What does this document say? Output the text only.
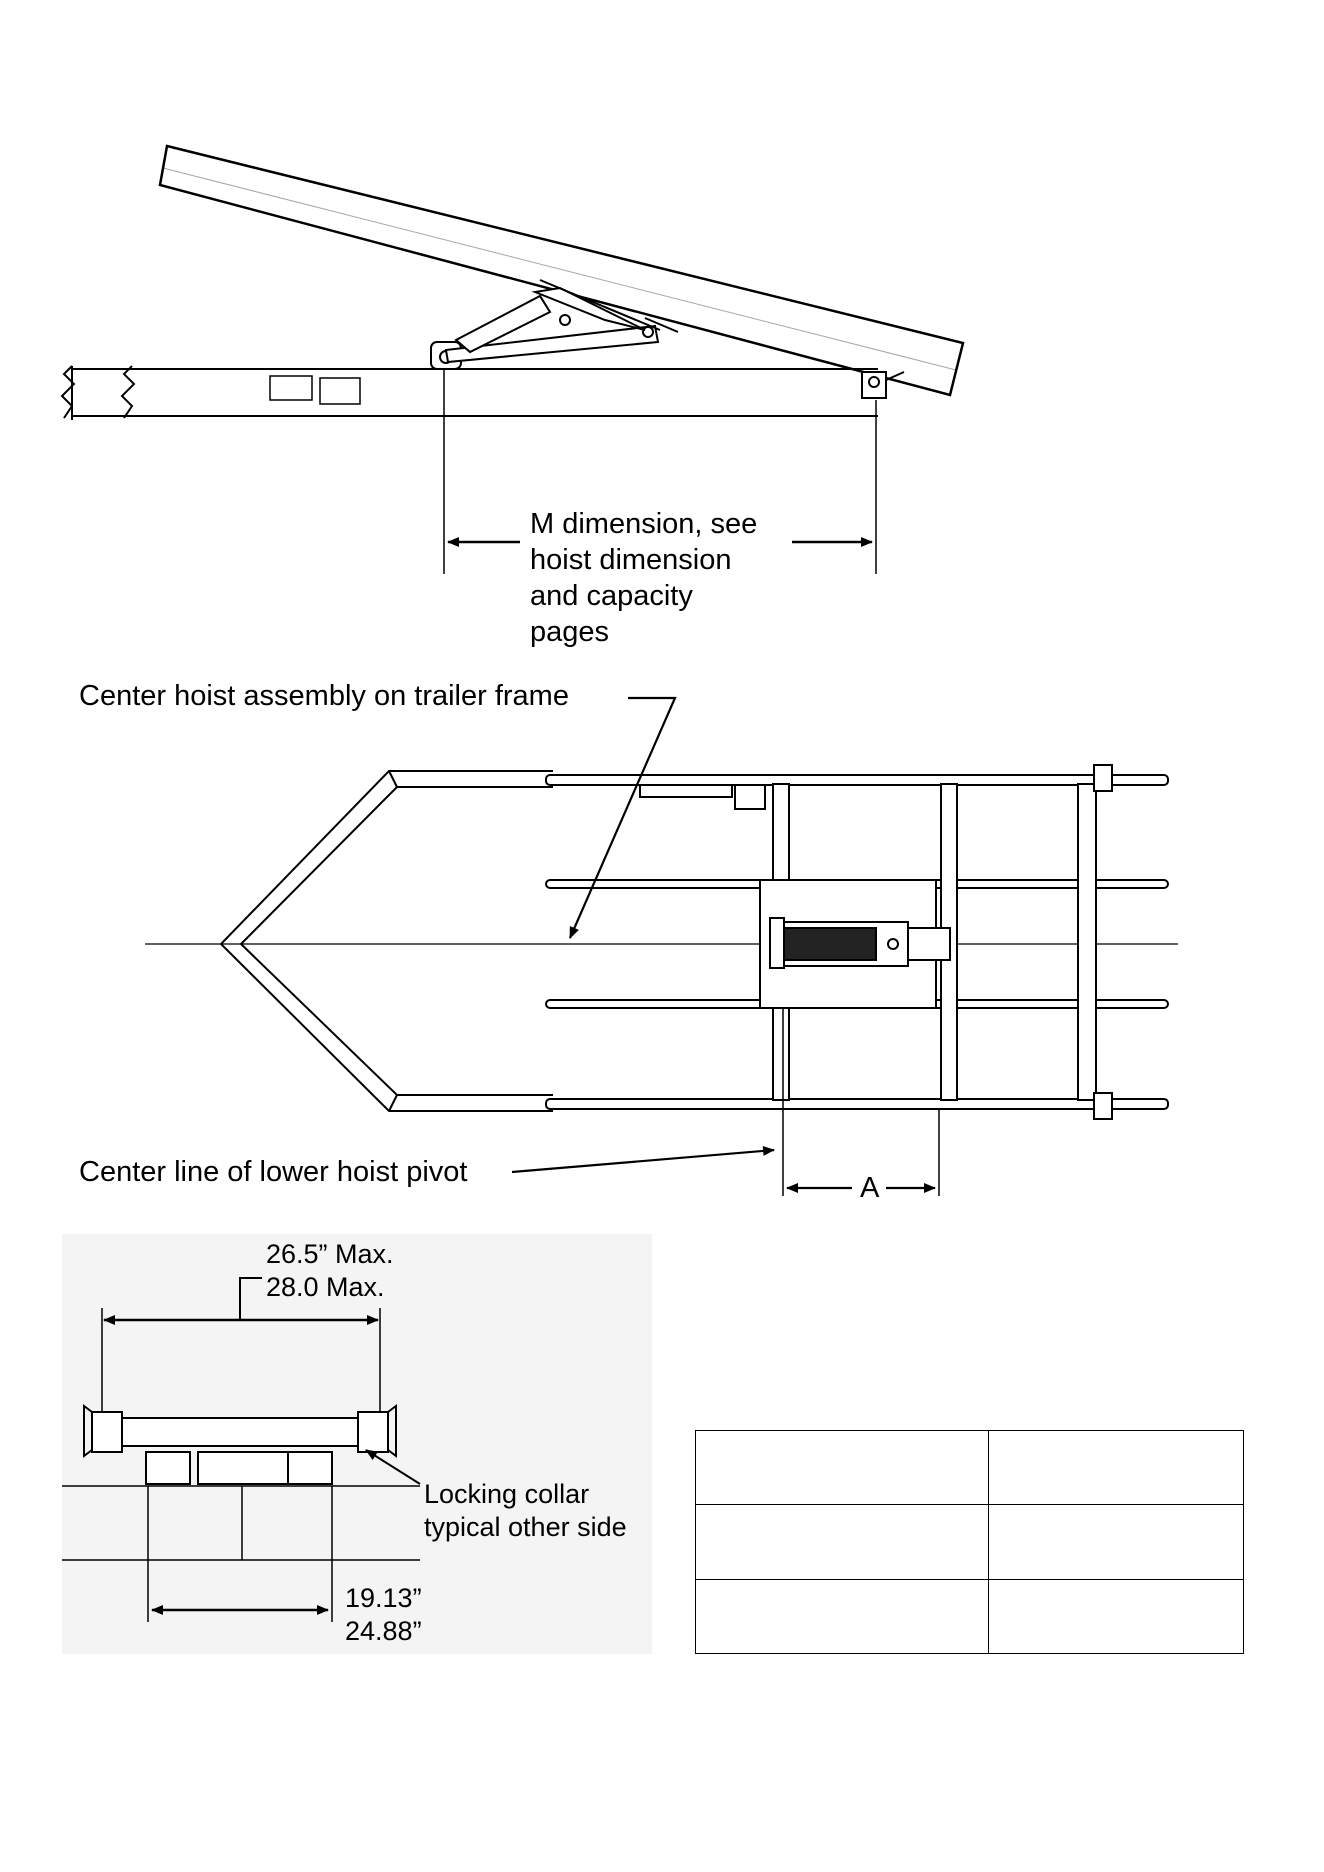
M dimension, see
hoist dimension
and capacity
pages
Center hoist assembly on trailer frame
Center line of lower hoist pivot	A
26.5” Max.
28.0 Max.
Locking collar
typical other side
19.13”
24.88”
